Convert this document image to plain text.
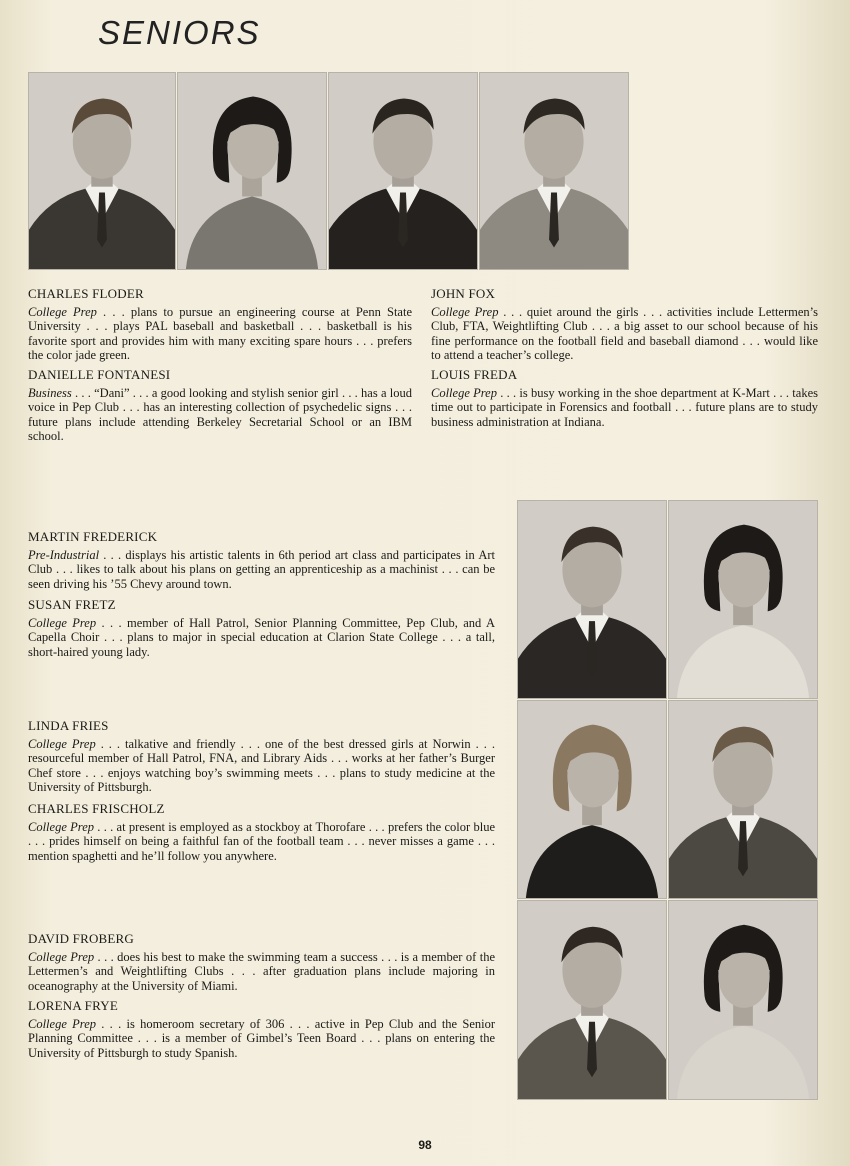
SENIORS
CHARLES FLODER
College Prep . . . plans to pursue an engineering course at Penn State University . . . plays PAL baseball and basketball . . . basketball is his favorite sport and provides him with many exciting spare hours . . . prefers the color jade green.
DANIELLE FONTANESI
Business . . . “Dani” . . . a good looking and stylish senior girl . . . has a loud voice in Pep Club . . . has an interesting collection of psychedelic signs . . . future plans include attending Berkeley Secretarial School or an IBM school.
JOHN FOX
College Prep . . . quiet around the girls . . . activities include Lettermen’s Club, FTA, Weightlifting Club . . . a big asset to our school because of his fine performance on the football field and baseball diamond . . . would like to attend a teacher’s college.
LOUIS FREDA
College Prep . . . is busy working in the shoe department at K-Mart . . . takes time out to participate in Forensics and football . . . future plans are to study business administration at Indiana.
MARTIN FREDERICK
Pre-Industrial . . . displays his artistic talents in 6th period art class and participates in Art Club . . . likes to talk about his plans on getting an apprenticeship as a machinist . . . can be seen driving his ’55 Chevy around town.
SUSAN FRETZ
College Prep . . . member of Hall Patrol, Senior Planning Committee, Pep Club, and A Capella Choir . . . plans to major in special education at Clarion State College . . . a tall, short-haired young lady.
LINDA FRIES
College Prep . . . talkative and friendly . . . one of the best dressed girls at Norwin . . . resourceful member of Hall Patrol, FNA, and Library Aids . . . works at her father’s Burger Chef store . . . enjoys watching boy’s swimming meets . . . plans to study medicine at the University of Pittsburgh.
CHARLES FRISCHOLZ
College Prep . . . at present is employed as a stockboy at Thorofare . . . prefers the color blue . . . prides himself on being a faithful fan of the football team . . . never misses a game . . . mention spaghetti and he’ll follow you anywhere.
DAVID FROBERG
College Prep . . . does his best to make the swimming team a success . . . is a member of the Lettermen’s and Weightlifting Clubs . . . after graduation plans include majoring in oceanography at the University of Miami.
LORENA FRYE
College Prep . . . is homeroom secretary of 306 . . . active in Pep Club and the Senior Planning Committee . . . is a member of Gimbel’s Teen Board . . . plans on entering the University of Pittsburgh to study Spanish.
98
